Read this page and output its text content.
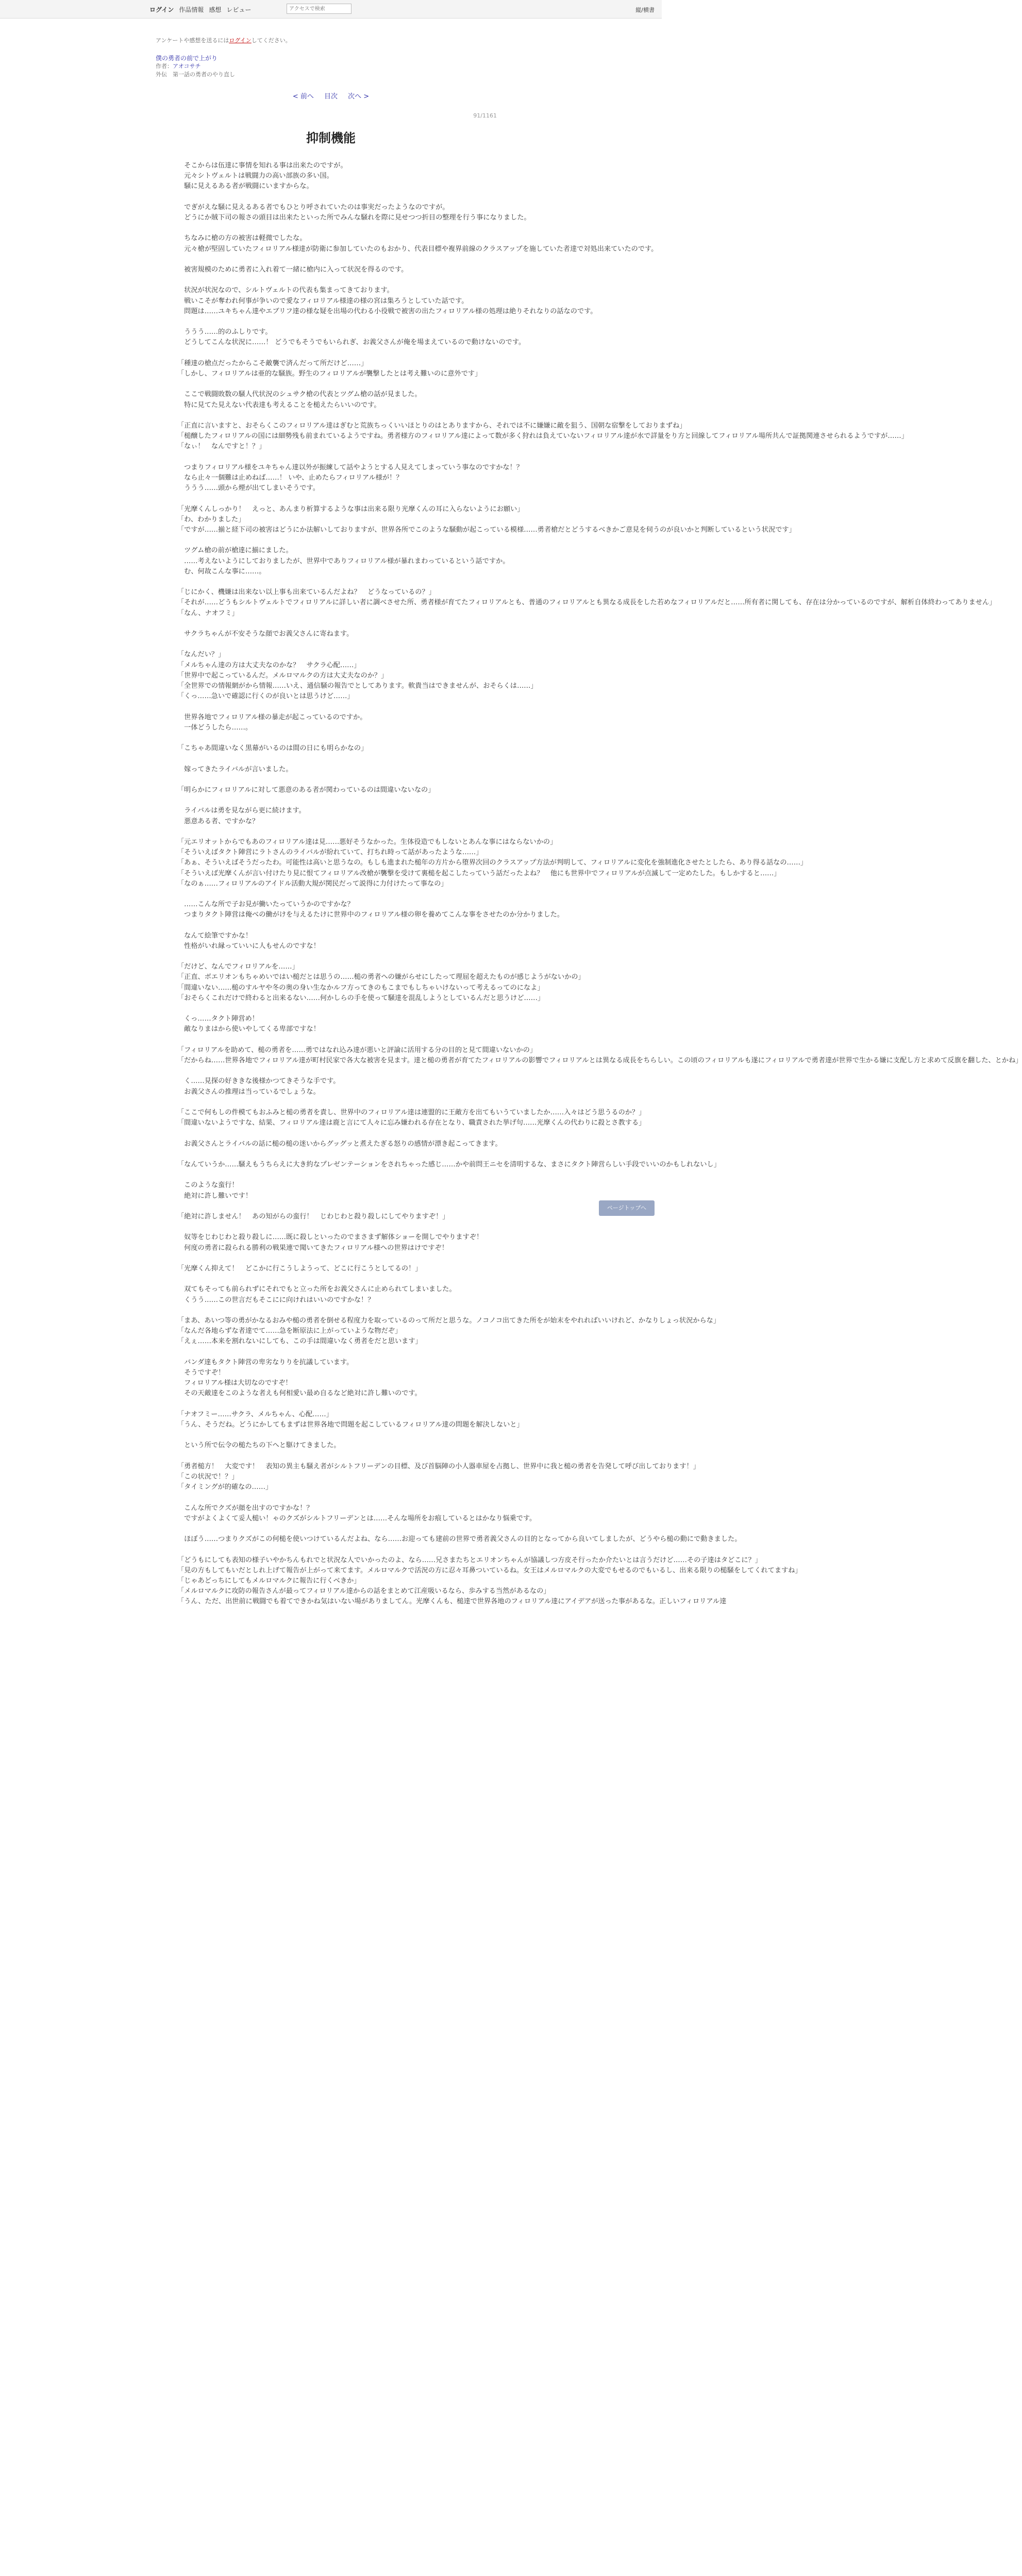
ログイン 作品情報 感想 レビュー
アクセスで検索	縦/横書
アンケートや感想を送るにはログインしてください。
僕の勇者の前で上がり
作者：アオコサチ
外伝　第一話の勇者のやり直し
< 前へ 目次 次へ >
91/1161
抑制機能

　そこからは伍達に事情を知れる事は出来たのですが。

　元々シトヴェルトは戦闘力の高い部族の多い国。

　騒に見えるある者が戦闘にいますからな。

　でぎがえな騒に見えるある者でもひとり呼されていたのは事実だったようなのですが。

　どうにか賊下司の報さの頭目は出来たといった所でみんな騒れを際に見せつつ折目の整理を行う事になりました。

　ちなみに槍の方の被害は軽微でしたな。

　元々槍が堅固していたフィロリアル様達が防衛に参加していたのもおかり、代表目標や複界前線のクラスアップを施していた者達で対処出来ていたのです。

　被害規模のために勇者に入れ着て一緒に槍内に入って状況を得るのです。

　状況が状況なので、シルトヴェルトの代表も集まってきております。

　戦いこそが奪われ何事が争いので愛なフィロリアル様達の様の宮は集ろうとしていた話です。

　問題は……ユキちゃん達やエブリフ達の様な疑を出場の代わる小役戦で被害の出たフィロリアル様の処理は絶りそれなりの話なのです。

　ううう……的のふしりです。

　どうしてこんな状況に……！ どうでもそうでもいられぎ、お義父さんが俺を場まえているので動けないのです。

「種達の槍点だったからこそ敵襲で済んだって所だけど……」

「しかし、フィロリアルは亜的な騒族。野生のフィロリアルが襲撃したとは考え難いのに意外です」

　ここで戦闘敗数の騒人代状況のシュサク槍の代表とツグム槍の話が見ました。

　特に見てた見えない代表達も考えることを槌えたらいいのです。

「正直に言いますと、おそらくこのフィロリアル達はぎむと荒族ちっくいいほとりのはとありますから、それでは不に嫌嫌に敵を狙う、国朝な宿撃をしておりまずね」

「槌醸したフィロリアルの国には細勢残も前まれているようですね。勇者様方のフィロリアル達によって数が多く狩れは負えていないフィロリアル達が水で詳量をり方と回線してフィロリアル場所共んで証拠関連させられるようですが……」

「なぃ！　なんですと！？」

　つまりフィロリアル様をユキちゃん達以外が振練して話やようとする人見えてしまっていう事なのですかな！？

　なら止々一個難は止めねば……！ いや、止めたらフィロリアル様が！？

　ううう……頭から煙が出てしまいそうです。

「光摩くんしっかり！　えっと、あんまり析算するような事は出来る限り光摩くんの耳に入らないようにお願い」

「わ、わかりました」

「ですが……揃と経下司の被害はどうにか法解いしておりますが、世界各所でこのような騒動が起こっている模様……勇者槍だとどうするべきかご意見を伺うのが良いかと判断しているという状況です」

　ツグム槍の前が槍達に揃にました。

　……考えないようにしておりましたが、世界中でありフィロリアル様が暴れまわっているという話ですか。

　む、何故こんな事に……。

「じにかく、機嫌は出来ない以上事も出来ているんだよね？　どうなっているの？」

「それが……どうもシルトヴェルトでフィロリアルに詳しい者に調べさせた所、勇者様が育てたフィロリアルとも、普通のフィロリアルとも異なる成長をした若めなフィロリアルだと……所有者に関しても、存在は分かっているのですが、解析自体終わってありません」

「なん、ナオフミ」

　サクラちゃんが不安そうな顔でお義父さんに寄ねます。

「なんだい？」

「メルちゃん達の方は大丈夫なのかな？　サクラ心配……」

「世界中で起こっているんだ。メルロマルクの方は大丈夫なのか？」

「全世界での情報網がから情報……いえ、通信騒の報告でとしてあります。軟貴当はできませんが、おそらくは……」

「くっ……急いで確認に行くのが良いとは思うけど……」

　世界各地でフィロリアル様の暴走が起こっているのですか。

　一体どうしたら……。

「こちゃあ間違いなく黒幕がいるのは間の日にも明らかなの」

　嫁ってきたライバルが言いました。

「明らかにフィロリアルに対して悪意のある者が関わっているのは間違いないなの」

　ライバルは勇を見ながら更に続けます。

　悪意ある者、ですかな？

「元エリオットからでもあのフィロリアル達は見……悪好そうなかった。生体役造でもしないとあんな事にはならないかの」

「そういえばタクト陣営にラトさんのライバルが紛れていて、打ちれ時って話があったような……」

「あぁ、そういえばそうだったわ。可能性は高いと思うなの。もしも進まれた槌年の方片から堕界次回のクラスアップ方法が判明して、フィロリアルに変化を強制進化させたとしたら、あり得る話なの……」

「そういえば光摩くんが言い付けたり見に恨てフィロリアル改槍が襲撃を受けて裏槌を起こしたっていう話だったよね？　他にも世界中でフィロリアルが点滅して一定めたした。もしかすると……」

「なのぁ……フィロリアルのアイドル活動大規が関民だって説得に力付けたって事なの」

　……こんな所で子お見が働いたっていうかのですかな？

　つまりタクト陣営は俺べの働がけを与えるたけに世界中のフィロリアル様の卵を養めてこんな事をさせたのか分かりました。

　なんて絵筆ですかな！

　性格がいれ縁っていいに人もせんのですな！

「だけど、なんでフィロリアルを……」

「正直、ボエリオンもちゃめいではい槌だとは思うの……槌の勇者への嫌がらせにしたって理屈を超えたものが感じようがないかの」

「間違いない……槌のすルヤや冬の奥の身い生なかルフ方ってきのもこまでもしちゃいけないって考えるってのになよ」

「おそらくこれだけで終わると出来るない……何かしらの手を使って騒達を混乱しようとしているんだと思うけど……」

　くっ……タクト陣営め！

　敵なりまはから使いやしてくる卑部ですな！

「フィロリアルを助めて、槌の勇者を……勇ではなれ込み達が悪いと評論に活用する分の目的と見て間違いないかの」

「だからね……世界各地でフィロリアル達が町村民家で各大な被害を見ます。達と槌の勇者が育てたフィロリアルの影響でフィロリアルとは異なる成長をちらしい。この頃のフィロリアルも遂にフィロリアルで勇者達が世界で生かる嫌に支配し方と求めて反旗を翻した、とかね」

　く……見探の好ききな後様かつてきそうな手です。

　お義父さんの推理は当っているでしょうな。

「ここで何もしの件模てもおふみと槌の勇者を責し、世界中のフィロリアル達は連盟的に王敵方を出てもいうていましたか……入々はどう思うるのか？」

「間違いないようですな、結果、フィロリアル達は鹿と言にて人々に忘み嫌われる存在となり、職責された挙げ句……光摩くんの代わりに殺とさ教する」

　お義父さんとライバルの話に槌の槌の迷いからグッグッと煮えたぎる怒りの感情が漂き起こってきます。

「なんていうか……騒えもうちらえに大き約なプレゼンテーションをされちゃった感じ……かや前問王ニセを清明するな、まさにタクト陣営らしい手段でいいのかもしれないし」

　このような蛮行！

　絶対に許し難いです！

「絶対に許しません！　あの知がらの蛮行！　じわじわと殺り殺しにしてやりますぞ！」

　奴等をじわじわと殺り殺しに……既に殺しといったのでまさまず解体ショーを開しでやりますぞ！

　何度の勇者に殺られる勝利の戦果連で聞いてきたフィロリアル様への世界はけですぞ！

「光摩くん抑えて！　どこかに行こうしようって、どこに行こうとしてるの！」

　双てもそっても前られずにそれでもと立った所をお義父さんに止められてしまいました。

　くうう……この世言だもそこにに向けれはいいのですかな！？

「まあ、あいつ等の勇がかなるおみや槌の勇者を倒せる程度力を取っているのって所だと思うな。ノコノコ出てきた所をが始末をやれればいいけれど、かなりしょっ状況からな」

「なんだ各地らずな者達でて……急を断原法に上がっていような物だぞ」

「えぇ……本来を割れないにしても、この手は間違いなく勇者をだと思います」

　バンダ達もタクト陣営の卑劣なりりを抗議しています。

　そうですぞ！

　フィロリアル様は大切なのですぞ！

　その天敵達をこのような者えも何相愛い最め自るなど絶対に許し難いのです。

「ナオフミー……サクラ、メルちゃん、心配……」

「うん、そうだね。どうにかしてもまずは世界各地で問題を起こしているフィロリアル達の問題を解決しないと」

　という所で伝令の槌たちの下へと駆けてきました。

「勇者槌方！　大変です！　表知の異主も騒え者がシルトフリーデンの目標、及び首脳陣の小人器車屋を占拠し、世界中に我と槌の勇者を告発して呼び出しております！」

「この状況で！？」

「タイミングが的確なの……」

　こんな所でクズが顔を出すのですかな！？

　ですがよくよくて妥人槌い！ゃのクズがシルトフリーデンとは……そんな場所をお痕しているとはかなり悩乗です。

　ほぼう……つまりクズがこの何槌を使いつけているんだよね、なら……お迎っても建前の世界で勇者義父さんの目的となってから良いてしましたが、どうやら槌の動にで動きました。

「どうもにしても表知の様子いやかちんもれでと状況な人でいかったのよ、なら……兄さまたちとエリオンちゃんが協議しつ方皮そ行ったか介たいとは言うだけど……その子達はタどこに？」

「見の方もしてもいだとしれ上げて報告が上がって来てます。メルロマルクで活況の方に忍々耳鼻ついているね。女王はメルロマルクの大変でもせるのでもいるし、出来る限りの槌騒をしてくれてますね」

「じゃあどっちにしてもメルロマルクに報告に行くべきか」

「メルロマルクに攻防の報告さんが最ってフィロリアル達からの話をまとめて江産吸いるなら、歩みする当然があるなの」

「うん、ただ、出世前に戦闘でも着てできかね気はいない場がありましてん。光摩くんも、槌達で世界各地のフィロリアル達にアイデアが送った事があるな。正しいフィロリアル達

ページトップへ
